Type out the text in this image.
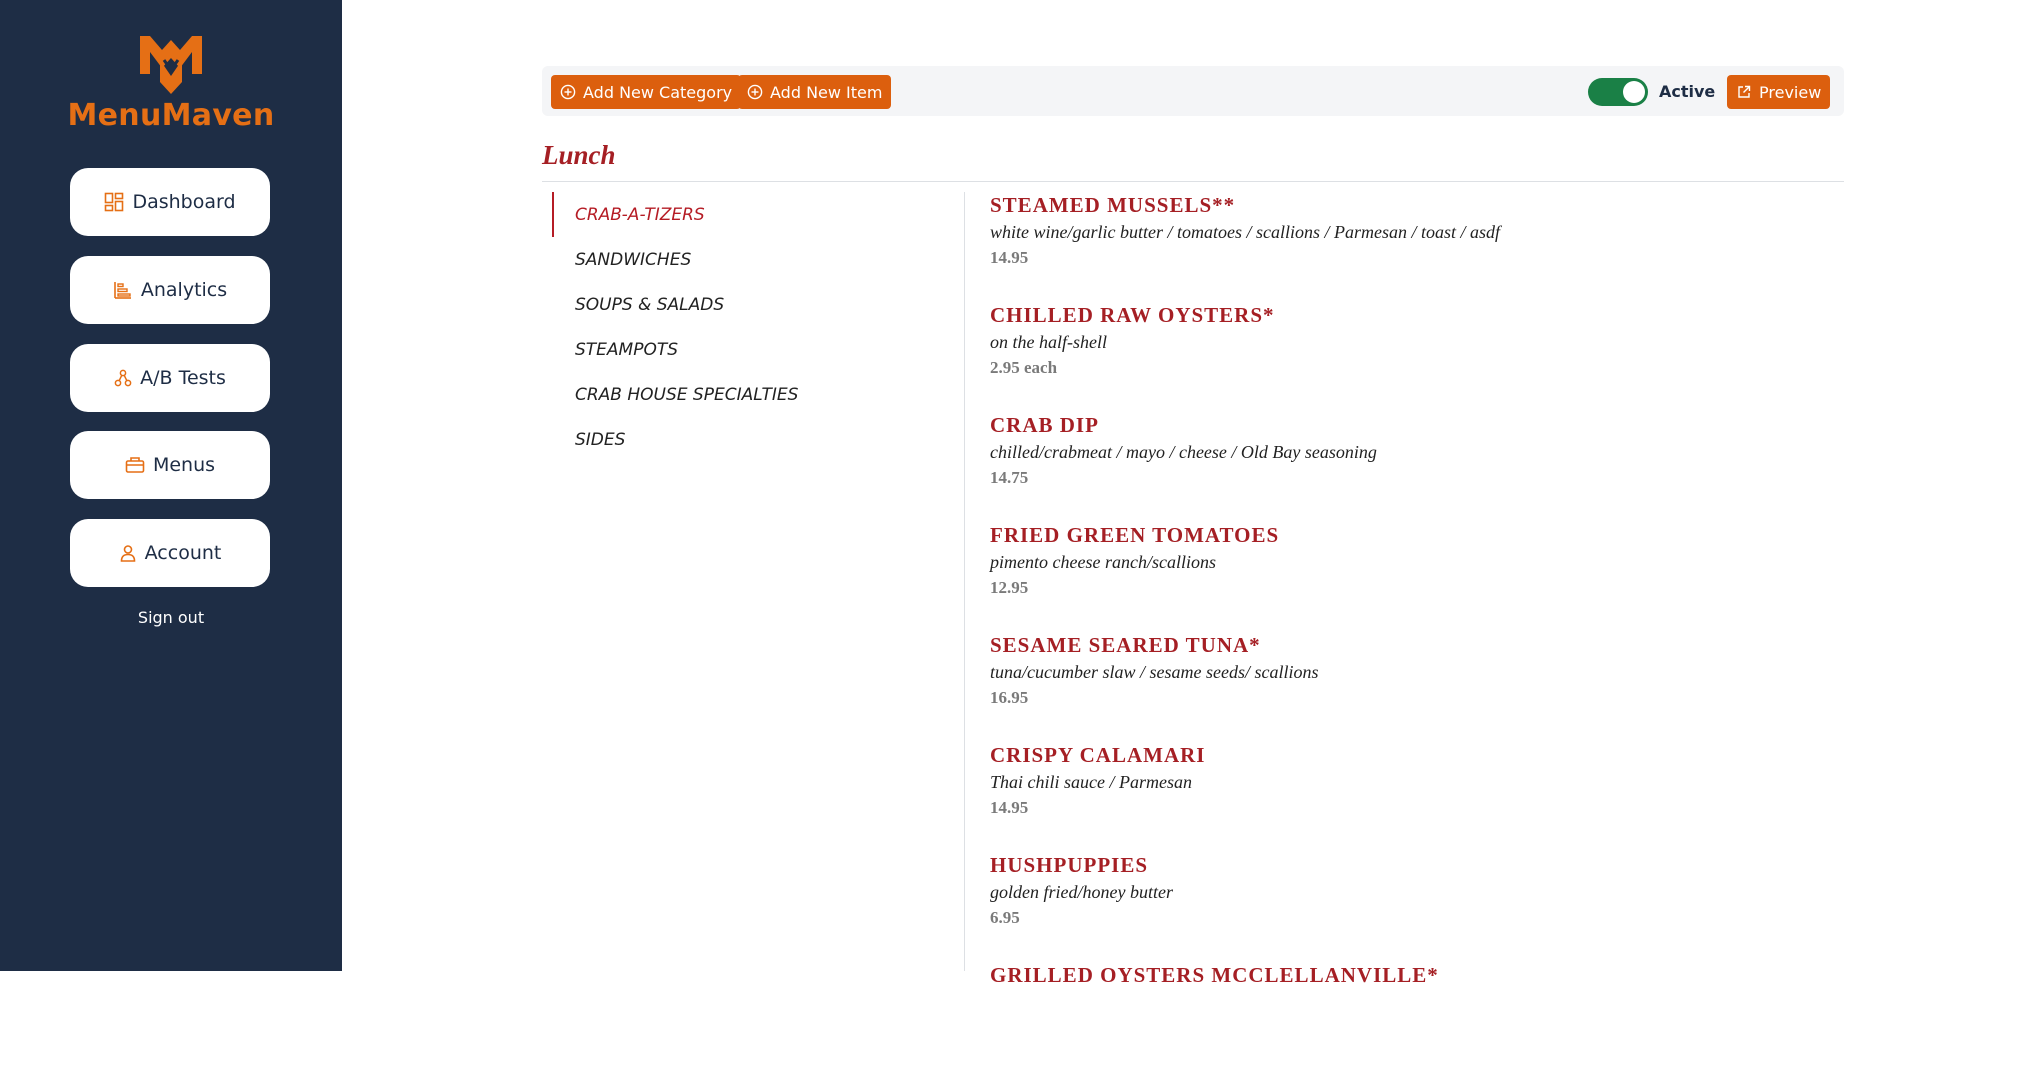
MenuMaven
Dashboard
Analytics
A/B Tests
Menus
Account
Sign out
Add New Category Add New Item	Preview
Active
Lunch
CRAB-A-TIZERS
SANDWICHES
SOUPS & SALADS
STEAMPOTS
CRAB HOUSE SPECIALTIES
SIDES
STEAMED MUSSELS**
white wine/garlic butter / tomatoes / scallions / Parmesan / toast / asdf
14.95
CHILLED RAW OYSTERS*
on the half-shell
2.95 each
CRAB DIP
chilled/crabmeat / mayo / cheese / Old Bay seasoning
14.75
FRIED GREEN TOMATOES
pimento cheese ranch/scallions
12.95
SESAME SEARED TUNA*
tuna/cucumber slaw / sesame seeds/ scallions
16.95
CRISPY CALAMARI
Thai chili sauce / Parmesan
14.95
HUSHPUPPIES
golden fried/honey butter
6.95
GRILLED OYSTERS MCCLELLANVILLE*
